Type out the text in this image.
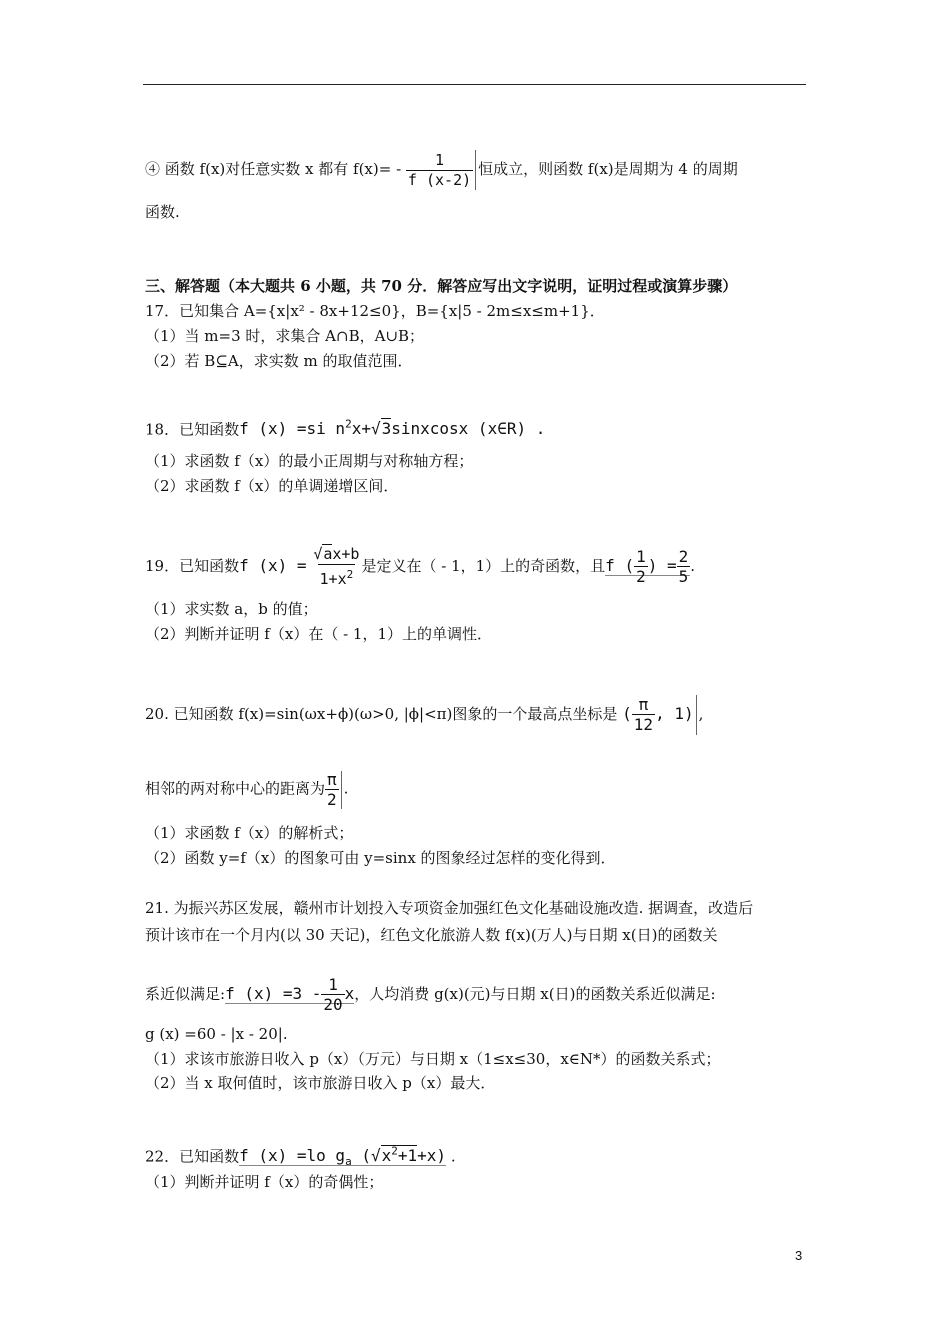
④ 函数 f(x)对任意实数 x 都有 $f(x)= - \frac{1}{f (x-2)}$ 恒成立，则函数 f(x)是周期为 4 的周期
函数.
三、解答题（本大题共 6 小题，共 70 分．解答应写出文字说明，证明过程或演算步骤）
17．已知集合 A={x|x² - 8x+12≤0}，B={x|5 - 2m≤x≤m+1}．
（1）当 m=3 时，求集合 A∩B，A∪B；
（2）若 B⊆A，求实数 m 的取值范围．
18．已知函数f (x) =si $n^2x+√3sinxcosx$ (x∈R) .
（1）求函数 f（x）的最小正周期与对称轴方程；
（2）求函数 f（x）的单调递增区间．
19．已知函数f $(x) = \frac{√ax+b}{1+x^2}$ 是定义在（ - 1，1）上的奇函数，且f ( $\frac{1}{2}$ ) = $\frac{2}{5}$ .
（1）求实数 a，b 的值；
（2）判断并证明 f（x）在（ - 1，1）上的单调性．
20. 已知函数 f(x)=sin(ωx+ϕ)(ω>0, |ϕ|<π)图象的一个最高点坐标是 ( $\frac{\pi}{12}$ , 1) ,
相邻的两对称中心的距离为 $\frac{\pi}{2}$ .
（1）求函数 f（x）的解析式；
（2）函数 y=f（x）的图象可由 y=sinx 的图象经过怎样的变化得到．
21. 为振兴苏区发展，赣州市计划投入专项资金加强红色文化基础设施改造. 据调查，改造后
预计该市在一个月内(以 30 天记)，红色文化旅游人数 f(x)(万人)与日期 x(日)的函数关
系近似满足:f $(x) =3 - \frac{1}{20}$ x，人均消费 g(x)(元)与日期 x(日)的函数关系近似满足:
g (x) =60 - |x - 20|.
（1）求该市旅游日收入 p（x）（万元）与日期 x（1≤x≤30，x∈N*）的函数关系式；
（2）当 x 取何值时，该市旅游日收入 p（x）最大．
22．已知函数f (x) =lo $g_a$ $(√x^2+1+x)$ .
（1）判断并证明 f（x）的奇偶性；
3
